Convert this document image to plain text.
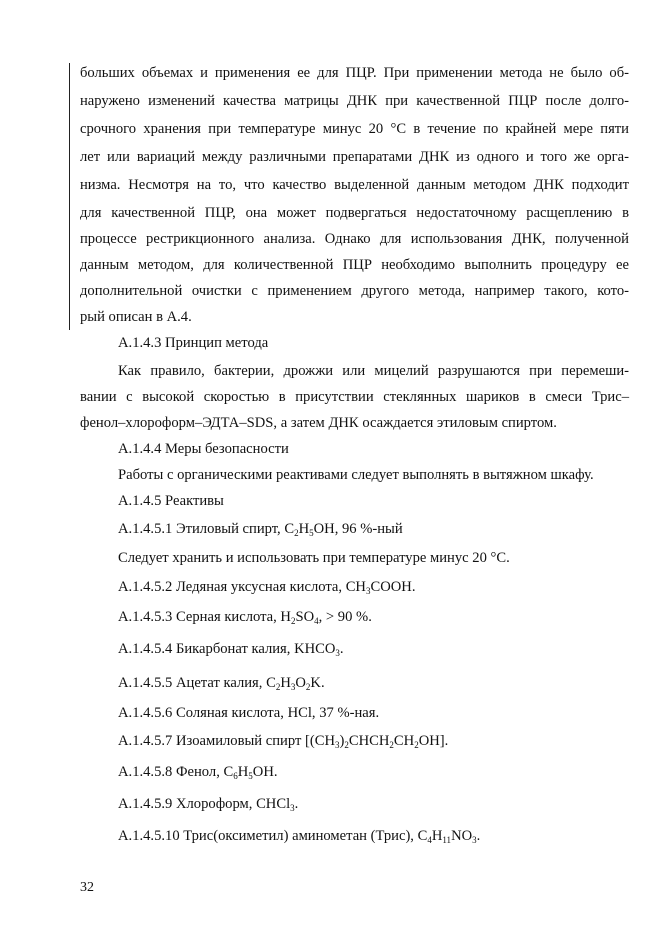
больших объемах и применения ее для ПЦР. При применении метода не было об-
наружено изменений качества матрицы ДНК при качественной ПЦР после долго-
срочного хранения при температуре минус 20 °C в течение по крайней мере пяти
лет или вариаций между различными препаратами ДНК из одного и того же орга-
низма. Несмотря на то, что качество выделенной данным методом ДНК подходит
для качественной ПЦР, она может подвергаться недостаточному расщеплению в
процессе рестрикционного анализа. Однако для использования ДНК, полученной
данным методом, для количественной ПЦР необходимо выполнить процедуру ее
дополнительной очистки с применением другого метода, например такого, кото-
рый описан в А.4.
А.1.4.3 Принцип метода
Как правило, бактерии, дрожжи или мицелий разрушаются при перемеши-
вании с высокой скоростью в присутствии стеклянных шариков в смеси Трис–
фенол–хлороформ–ЭДТА–SDS, а затем ДНК осаждается этиловым спиртом.
А.1.4.4 Меры безопасности
Работы с органическими реактивами следует выполнять в вытяжном шкафу.
А.1.4.5 Реактивы
А.1.4.5.1 Этиловый спирт, $C_2H_5OH$, 96 %-ный
Следует хранить и использовать при температуре минус 20 °C.
А.1.4.5.2 Ледяная уксусная кислота, $CH_3COOH$.
А.1.4.5.3 Серная кислота, $H_2SO_4$, > 90 %.
А.1.4.5.4 Бикарбонат калия, $KHCO_3$.
А.1.4.5.5 Ацетат калия, $C_2H_3O_2K$.
А.1.4.5.6 Соляная кислота, HCl, 37 %-ная.
А.1.4.5.7 Изоамиловый спирт $[(CH_3)_2CHCH_2CH_2OH]$.
А.1.4.5.8 Фенол, $C_6H_5OH$.
А.1.4.5.9 Хлороформ, CHCl$_3$.
А.1.4.5.10 Трис(оксиметил) аминометан (Трис), $C_4H_{11}NO_3$.
32
